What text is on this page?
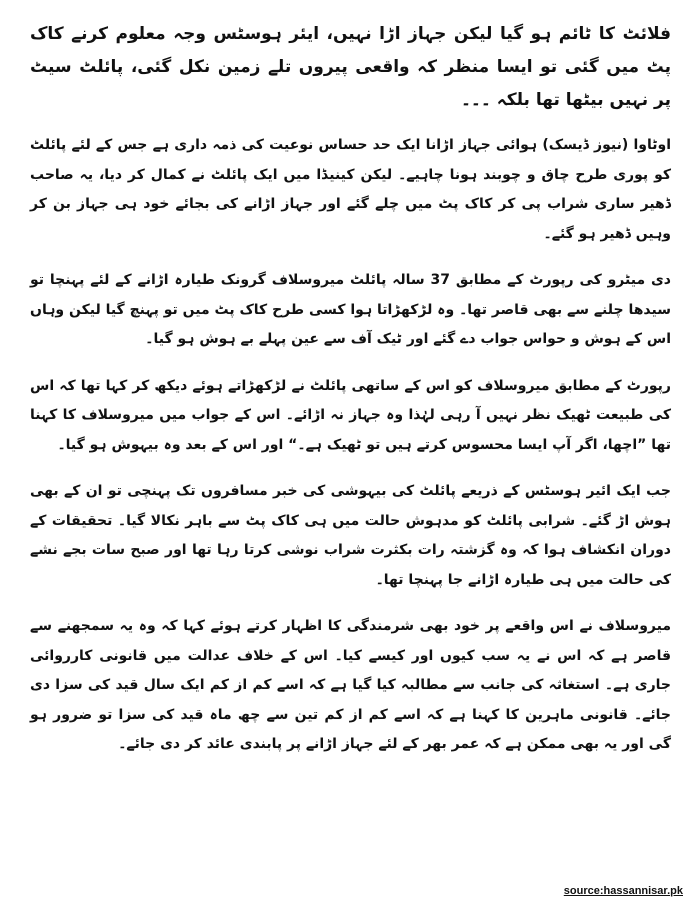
فلائٹ کا ٹائم ہو گیا لیکن جہاز اڑا نہیں، ایئر ہوسٹس وجہ معلوم کرنے کاک پٹ میں گئی تو ایسا منظر کہ واقعی پیروں تلے زمین نکل گئی، پائلٹ سیٹ پر نہیں بیٹھا تھا بلکہ ۔۔۔

اوٹاوا (نیوز ڈیسک) ہوائی جہاز اڑانا ایک حد حساس نوعیت کی ذمہ داری ہے جس کے لئے پائلٹ کو پوری طرح چاق و چوبند ہونا چاہیے۔ لیکن کینیڈا میں ایک پائلٹ نے کمال کر دیا، یہ صاحب ڈھیر ساری شراب پی کر کاک پٹ میں چلے گئے اور جہاز اڑانے کی بجائے خود ہی جہاز بن کر وہیں ڈھیر ہو گئے۔

دی میٹرو کی رپورٹ کے مطابق 37 سالہ پائلٹ میروسلاف گرونک طیارہ اڑانے کے لئے پہنچا تو سیدھا چلنے سے بھی قاصر تھا۔ وہ لڑکھڑاتا ہوا کسی طرح کاک پٹ میں تو پہنچ گیا لیکن وہاں اس کے ہوش و حواس جواب دے گئے اور ٹیک آف سے عین پہلے بے ہوش ہو گیا۔

رپورٹ کے مطابق میروسلاف کو اس کے ساتھی پائلٹ نے لڑکھڑاتے ہوئے دیکھ کر کہا تھا کہ اس کی طبیعت ٹھیک نظر نہیں آ رہی لہٰذا وہ جہاز نہ اڑائے۔ اس کے جواب میں میروسلاف کا کہنا تھا ”اچھا، اگر آپ ایسا محسوس کرتے ہیں تو ٹھیک ہے۔“ اور اس کے بعد وہ بیہوش ہو گیا۔

جب ایک ائیر ہوسٹس کے ذریعے پائلٹ کی بیہوشی کی خبر مسافروں تک پہنچی تو ان کے بھی ہوش اڑ گئے۔ شرابی پائلٹ کو مدہوش حالت میں ہی کاک پٹ سے باہر نکالا گیا۔ تحقیقات کے دوران انکشاف ہوا کہ وہ گزشتہ رات بکثرت شراب نوشی کرتا رہا تھا اور صبح سات بجے نشے کی حالت میں ہی طیارہ اڑانے جا پہنچا تھا۔

میروسلاف نے اس واقعے پر خود بھی شرمندگی کا اظہار کرتے ہوئے کہا کہ وہ یہ سمجھنے سے قاصر ہے کہ اس نے یہ سب کیوں اور کیسے کیا۔ اس کے خلاف عدالت میں قانونی کارروائی جاری ہے۔ استغاثہ کی جانب سے مطالبہ کیا گیا ہے کہ اسے کم از کم ایک سال قید کی سزا دی جائے۔ قانونی ماہرین کا کہنا ہے کہ اسے کم از کم تین سے چھ ماہ قید کی سزا تو ضرور ہو گی اور یہ بھی ممکن ہے کہ عمر بھر کے لئے جہاز اڑانے پر پابندی عائد کر دی جائے۔

source:hassannisar.pk
